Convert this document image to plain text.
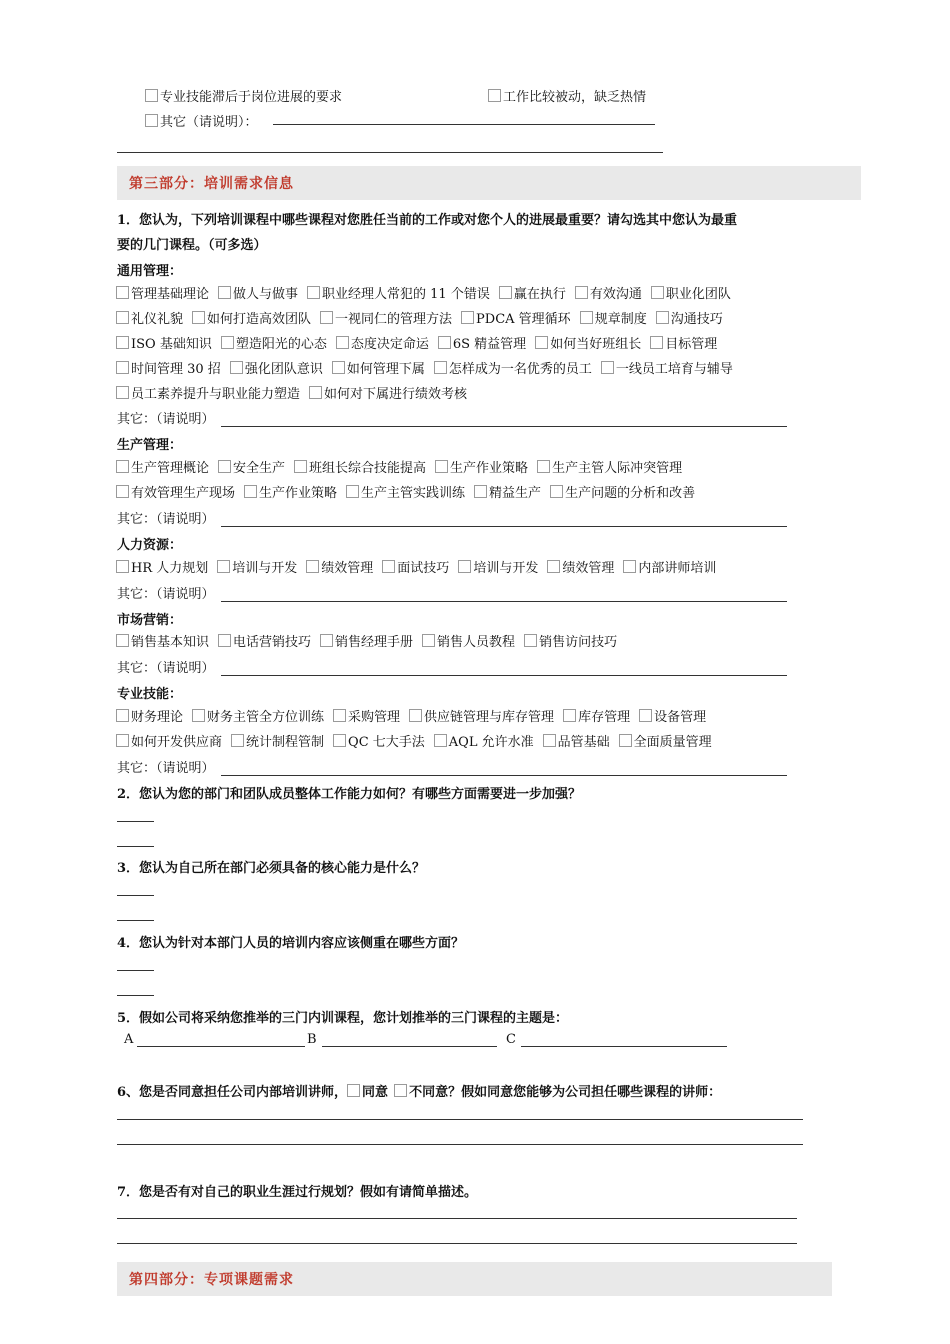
专业技能滞后于岗位进展的要求	工作比较被动，缺乏热情
其它（请说明）：
第三部分：培训需求信息
1．您认为，下列培训课程中哪些课程对您胜任当前的工作或对您个人的进展最重要？请勾选其中您认为最重
要的几门课程。（可多选）
通用管理：
管理基础理论 做人与做事 职业经理人常犯的 11 个错误 赢在执行 有效沟通 职业化团队
礼仪礼貌 如何打造高效团队 一视同仁的管理方法 PDCA 管理循环 规章制度 沟通技巧
ISO 基础知识 塑造阳光的心态 态度决定命运 6S 精益管理 如何当好班组长 目标管理
时间管理 30 招 强化团队意识 如何管理下属 怎样成为一名优秀的员工 一线员工培育与辅导
员工素养提升与职业能力塑造 如何对下属进行绩效考核
其它：（请说明）
生产管理：
生产管理概论 安全生产 班组长综合技能提高 生产作业策略 生产主管人际冲突管理
有效管理生产现场 生产作业策略 生产主管实践训练 精益生产 生产问题的分析和改善
其它：（请说明）
人力资源：
HR 人力规划 培训与开发 绩效管理 面试技巧 培训与开发 绩效管理 内部讲师培训
其它：（请说明）
市场营销：
销售基本知识 电话营销技巧 销售经理手册 销售人员教程 销售访问技巧
其它：（请说明）
专业技能：
财务理论 财务主管全方位训练 采购管理 供应链管理与库存管理 库存管理 设备管理
如何开发供应商 统计制程管制 QC 七大手法 AQL 允许水准 品管基础 全面质量管理
其它：（请说明）
2．您认为您的部门和团队成员整体工作能力如何？有哪些方面需要进一步加强？
3．您认为自己所在部门必须具备的核心能力是什么？
4．您认为针对本部门人员的培训内容应该侧重在哪些方面？
5．假如公司将采纳您推举的三门内训课程，您计划推举的三门课程的主题是：
A	B	C
6、您是否同意担任公司内部培训讲师， 同意 不同意？假如同意您能够为公司担任哪些课程的讲师：
7．您是否有对自己的职业生涯过行规划？假如有请简单描述。
第四部分：专项课题需求
